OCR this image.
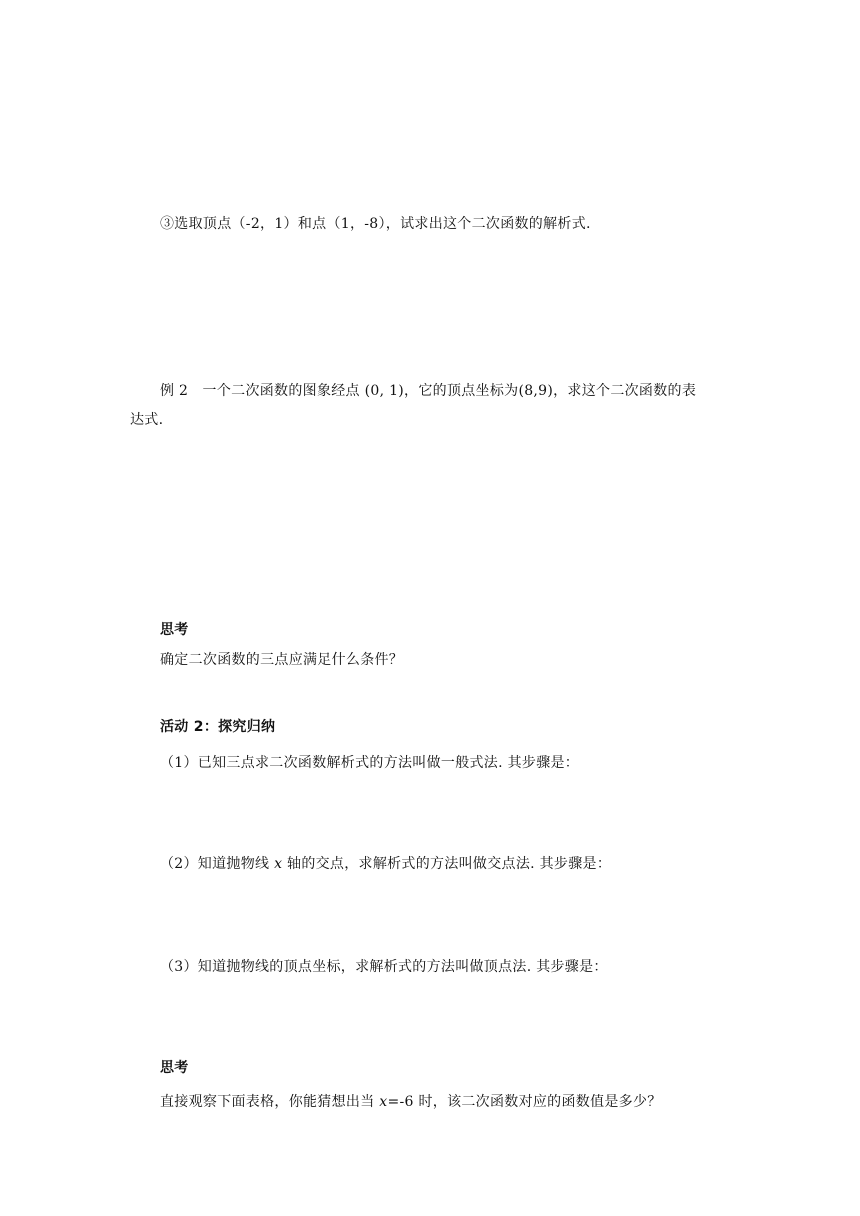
③选取顶点（-2，1）和点（1，-8），试求出这个二次函数的解析式.
例 2　一个二次函数的图象经点 (0, 1)，它的顶点坐标为(8,9)，求这个二次函数的表
达式.
思考
确定二次函数的三点应满足什么条件？
活动 2：探究归纳
（1）已知三点求二次函数解析式的方法叫做一般式法. 其步骤是：
（2）知道抛物线 x 轴的交点，求解析式的方法叫做交点法. 其步骤是：
（3）知道抛物线的顶点坐标，求解析式的方法叫做顶点法. 其步骤是：
思考
直接观察下面表格，你能猜想出当 x=-6 时，该二次函数对应的函数值是多少？
